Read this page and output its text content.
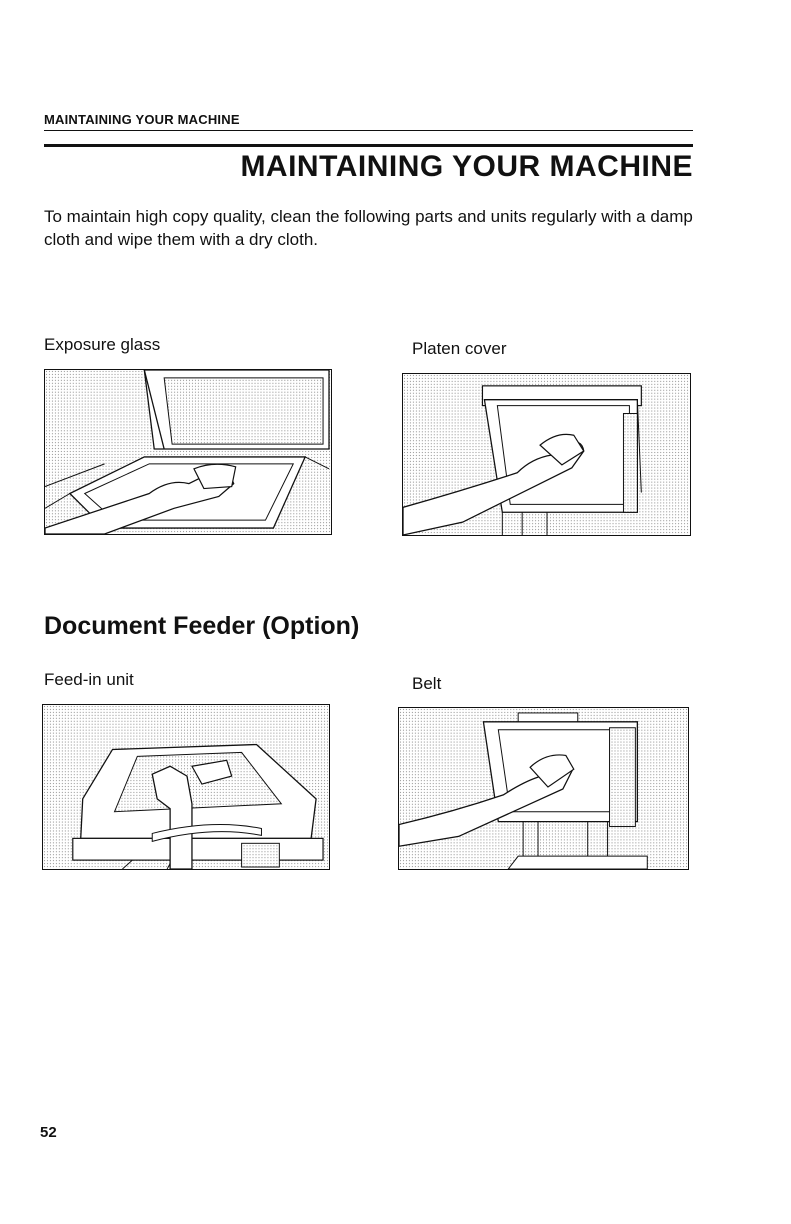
MAINTAINING YOUR MACHINE
MAINTAINING YOUR MACHINE
To maintain high copy quality, clean the following parts and units regularly with a damp cloth and wipe them with a dry cloth.
Exposure glass	Platen cover
Document Feeder (Option)
Feed-in unit	Belt
52
